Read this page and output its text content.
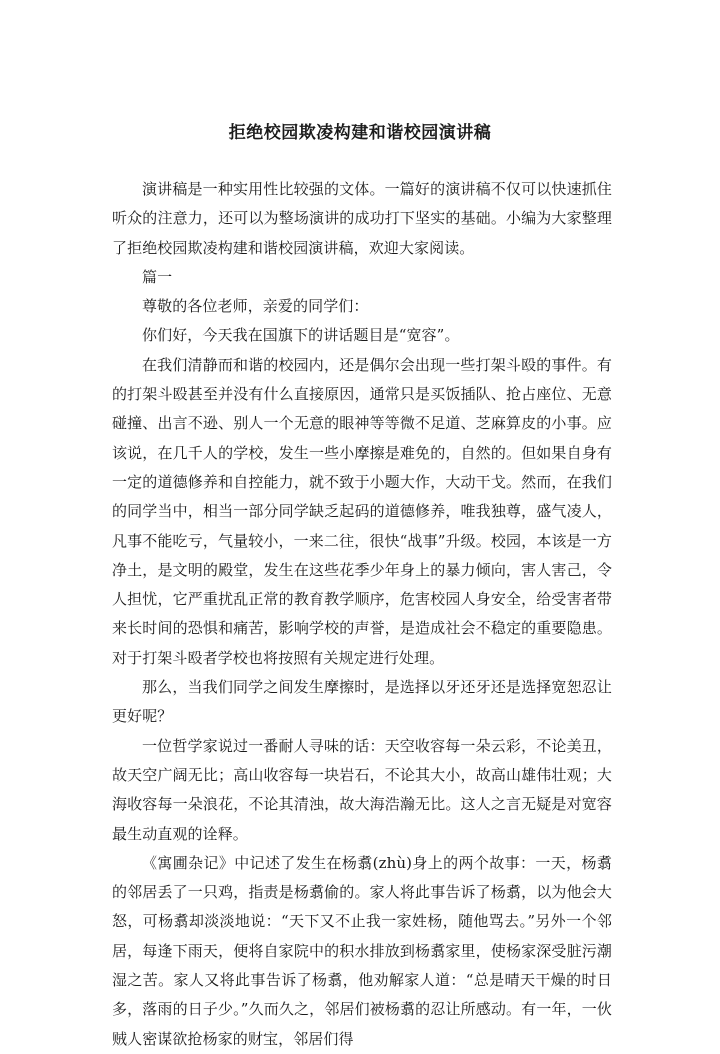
拒绝校园欺凌构建和谐校园演讲稿

演讲稿是一种实用性比较强的文体。一篇好的演讲稿不仅可以快速抓住听众的注意力，还可以为整场演讲的成功打下坚实的基础。小编为大家整理了拒绝校园欺凌构建和谐校园演讲稿，欢迎大家阅读。

篇一

尊敬的各位老师，亲爱的同学们：

你们好，今天我在国旗下的讲话题目是“宽容”。

在我们清静而和谐的校园内，还是偶尔会出现一些打架斗殴的事件。有的打架斗殴甚至并没有什么直接原因，通常只是买饭插队、抢占座位、无意碰撞、出言不逊、别人一个无意的眼神等等微不足道、芝麻算皮的小事。应该说，在几千人的学校，发生一些小摩擦是难免的，自然的。但如果自身有一定的道德修养和自控能力，就不致于小题大作，大动干戈。然而，在我们的同学当中，相当一部分同学缺乏起码的道德修养，唯我独尊，盛气凌人，凡事不能吃亏，气量较小，一来二往，很快“战事”升级。校园，本该是一方净土，是文明的殿堂，发生在这些花季少年身上的暴力倾向，害人害己，令人担忧，它严重扰乱正常的教育教学顺序，危害校园人身安全，给受害者带来长时间的恐惧和痛苦，影响学校的声誉，是造成社会不稳定的重要隐患。对于打架斗殴者学校也将按照有关规定进行处理。

那么，当我们同学之间发生摩擦时，是选择以牙还牙还是选择宽恕忍让更好呢？

一位哲学家说过一番耐人寻味的话：天空收容每一朵云彩，不论美丑，故天空广阔无比；高山收容每一块岩石，不论其大小，故高山雄伟壮观；大海收容每一朵浪花，不论其清浊，故大海浩瀚无比。这人之言无疑是对宽容最生动直观的诠释。

《寓圃杂记》中记述了发生在杨翥(zhù)身上的两个故事：一天，杨翥的邻居丢了一只鸡，指责是杨翥偷的。家人将此事告诉了杨翥，以为他会大怒，可杨翥却淡淡地说：“天下又不止我一家姓杨，随他骂去。”另外一个邻居，每逢下雨天，便将自家院中的积水排放到杨翥家里，使杨家深受脏污潮湿之苦。家人又将此事告诉了杨翥，他劝解家人道：“总是晴天干燥的时日多，落雨的日子少。”久而久之，邻居们被杨翥的忍让所感动。有一年，一伙贼人密谋欲抢杨家的财宝，邻居们得
